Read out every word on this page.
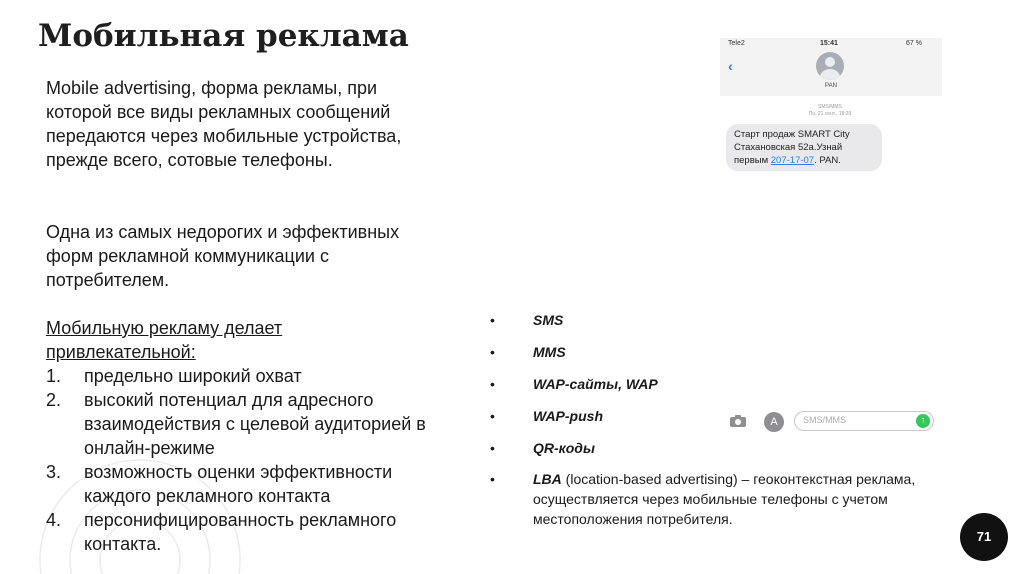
Мобильная реклама

Mobile advertising, форма рекламы, при которой все виды рекламных сообщений передаются через мобильные устройства, прежде всего, сотовые телефоны.

Одна из самых недорогих и эффективных форм рекламной коммуникации с потребителем.

Мобильную рекламу делает привлекательной:
1.	предельно широкий охват
2.	высокий потенциал для адресного взаимодействия с целевой аудиторией в онлайн-режиме
3.	возможность оценки эффективности каждого рекламного контакта
4.	персонифицированность рекламного контакта.
Tele2	15:41	67 %
‹
PAN
SMS/MMS
Пн, 21 сент., 18:29
Старт продаж SMART City Стахановская 52а.Узнай первым 207-17-07. PAN.
•	SMS
•	MMS
•	WAP-сайты, WAP
•	WAP-push
•	QR-коды
•	LBA (location-based advertising) – геоконтекстная реклама, осуществляется через мобильные телефоны с учетом местоположения потребителя.
A	SMS/MMS	↑
71
